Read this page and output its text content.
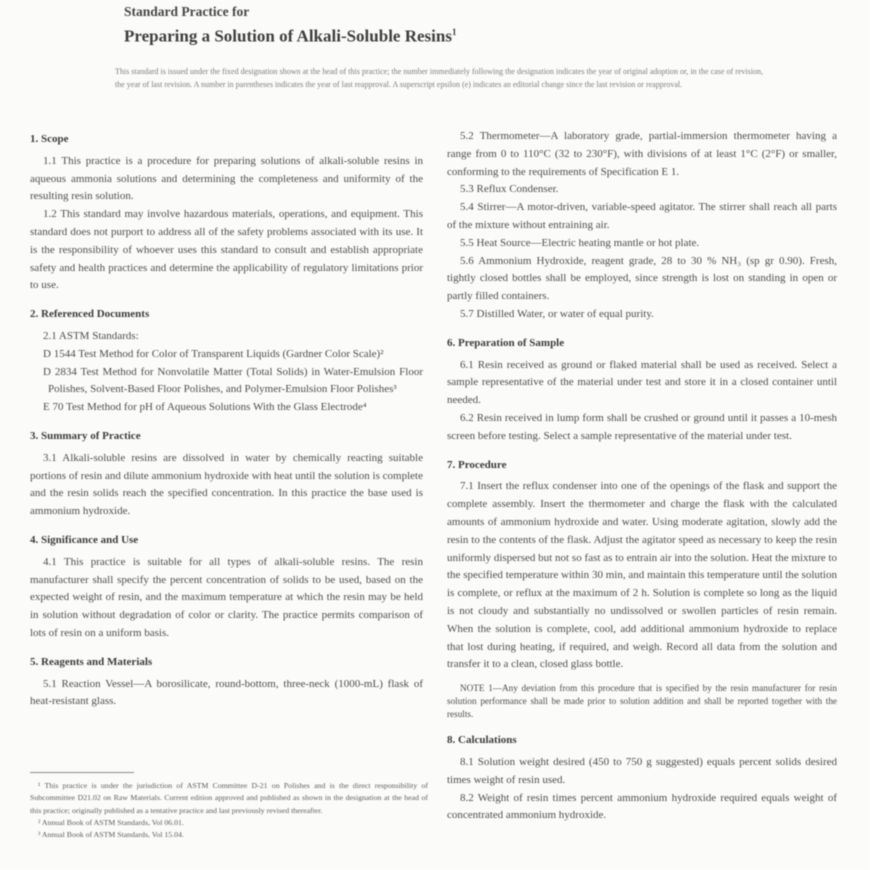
Standard Practice for
Preparing a Solution of Alkali-Soluble Resins$^1$
This standard is issued under the fixed designation shown at the head of this practice; the number immediately following the designation indicates the year of original adoption or, in the case of revision, the year of last revision. A number in parentheses indicates the year of last reapproval. A superscript epsilon (e) indicates an editorial change since the last revision or reapproval.
1. Scope

1.1 This practice is a procedure for preparing solutions of alkali-soluble resins in aqueous ammonia solutions and determining the completeness and uniformity of the resulting resin solution.

1.2 This standard may involve hazardous materials, operations, and equipment. This standard does not purport to address all of the safety problems associated with its use. It is the responsibility of whoever uses this standard to consult and establish appropriate safety and health practices and determine the applicability of regulatory limitations prior to use.

2. Referenced Documents

2.1 ASTM Standards:

D 1544 Test Method for Color of Transparent Liquids (Gardner Color Scale)²
D 2834 Test Method for Nonvolatile Matter (Total Solids) in Water-Emulsion Floor Polishes, Solvent-Based Floor Polishes, and Polymer-Emulsion Floor Polishes³
E 70 Test Method for pH of Aqueous Solutions With the Glass Electrode⁴
3. Summary of Practice

3.1 Alkali-soluble resins are dissolved in water by chemically reacting suitable portions of resin and dilute ammonium hydroxide with heat until the solution is complete and the resin solids reach the specified concentration. In this practice the base used is ammonium hydroxide.

4. Significance and Use

4.1 This practice is suitable for all types of alkali-soluble resins. The resin manufacturer shall specify the percent concentration of solids to be used, based on the expected weight of resin, and the maximum temperature at which the resin may be held in solution without degradation of color or clarity. The practice permits comparison of lots of resin on a uniform basis.

5. Reagents and Materials

5.1 Reaction Vessel—A borosilicate, round-bottom, three-neck (1000-mL) flask of heat-resistant glass.

5.2 Thermometer—A laboratory grade, partial-immersion thermometer having a range from 0 to 110°C (32 to 230°F), with divisions of at least 1°C (2°F) or smaller, conforming to the requirements of Specification E 1.

5.3 Reflux Condenser.

5.4 Stirrer—A motor-driven, variable-speed agitator. The stirrer shall reach all parts of the mixture without entraining air.

5.5 Heat Source—Electric heating mantle or hot plate.

5.6 Ammonium Hydroxide, reagent grade, 28 to 30 % NH₃ (sp gr 0.90). Fresh, tightly closed bottles shall be employed, since strength is lost on standing in open or partly filled containers.

5.7 Distilled Water, or water of equal purity.

6. Preparation of Sample

6.1 Resin received as ground or flaked material shall be used as received. Select a sample representative of the material under test and store it in a closed container until needed.

6.2 Resin received in lump form shall be crushed or ground until it passes a 10-mesh screen before testing. Select a sample representative of the material under test.

7. Procedure

7.1 Insert the reflux condenser into one of the openings of the flask and support the complete assembly. Insert the thermometer and charge the flask with the calculated amounts of ammonium hydroxide and water. Using moderate agitation, slowly add the resin to the contents of the flask. Adjust the agitator speed as necessary to keep the resin uniformly dispersed but not so fast as to entrain air into the solution. Heat the mixture to the specified temperature within 30 min, and maintain this temperature until the solution is complete, or reflux at the maximum of 2 h. Solution is complete so long as the liquid is not cloudy and substantially no undissolved or swollen particles of resin remain. When the solution is complete, cool, add additional ammonium hydroxide to replace that lost during heating, if required, and weigh. Record all data from the solution and transfer it to a clean, closed glass bottle.

NOTE 1—Any deviation from this procedure that is specified by the resin manufacturer for resin solution performance shall be made prior to solution addition and shall be reported together with the results.

8. Calculations

8.1 Solution weight desired (450 to 750 g suggested) equals percent solids desired times weight of resin used.

8.2 Weight of resin times percent ammonium hydroxide required equals weight of concentrated ammonium hydroxide.

¹ This practice is under the jurisdiction of ASTM Committee D-21 on Polishes and is the direct responsibility of Subcommittee D21.02 on Raw Materials. Current edition approved and published as shown in the designation at the head of this practice; originally published as a tentative practice and last previously revised thereafter.

² Annual Book of ASTM Standards, Vol 06.01.

³ Annual Book of ASTM Standards, Vol 15.04.
